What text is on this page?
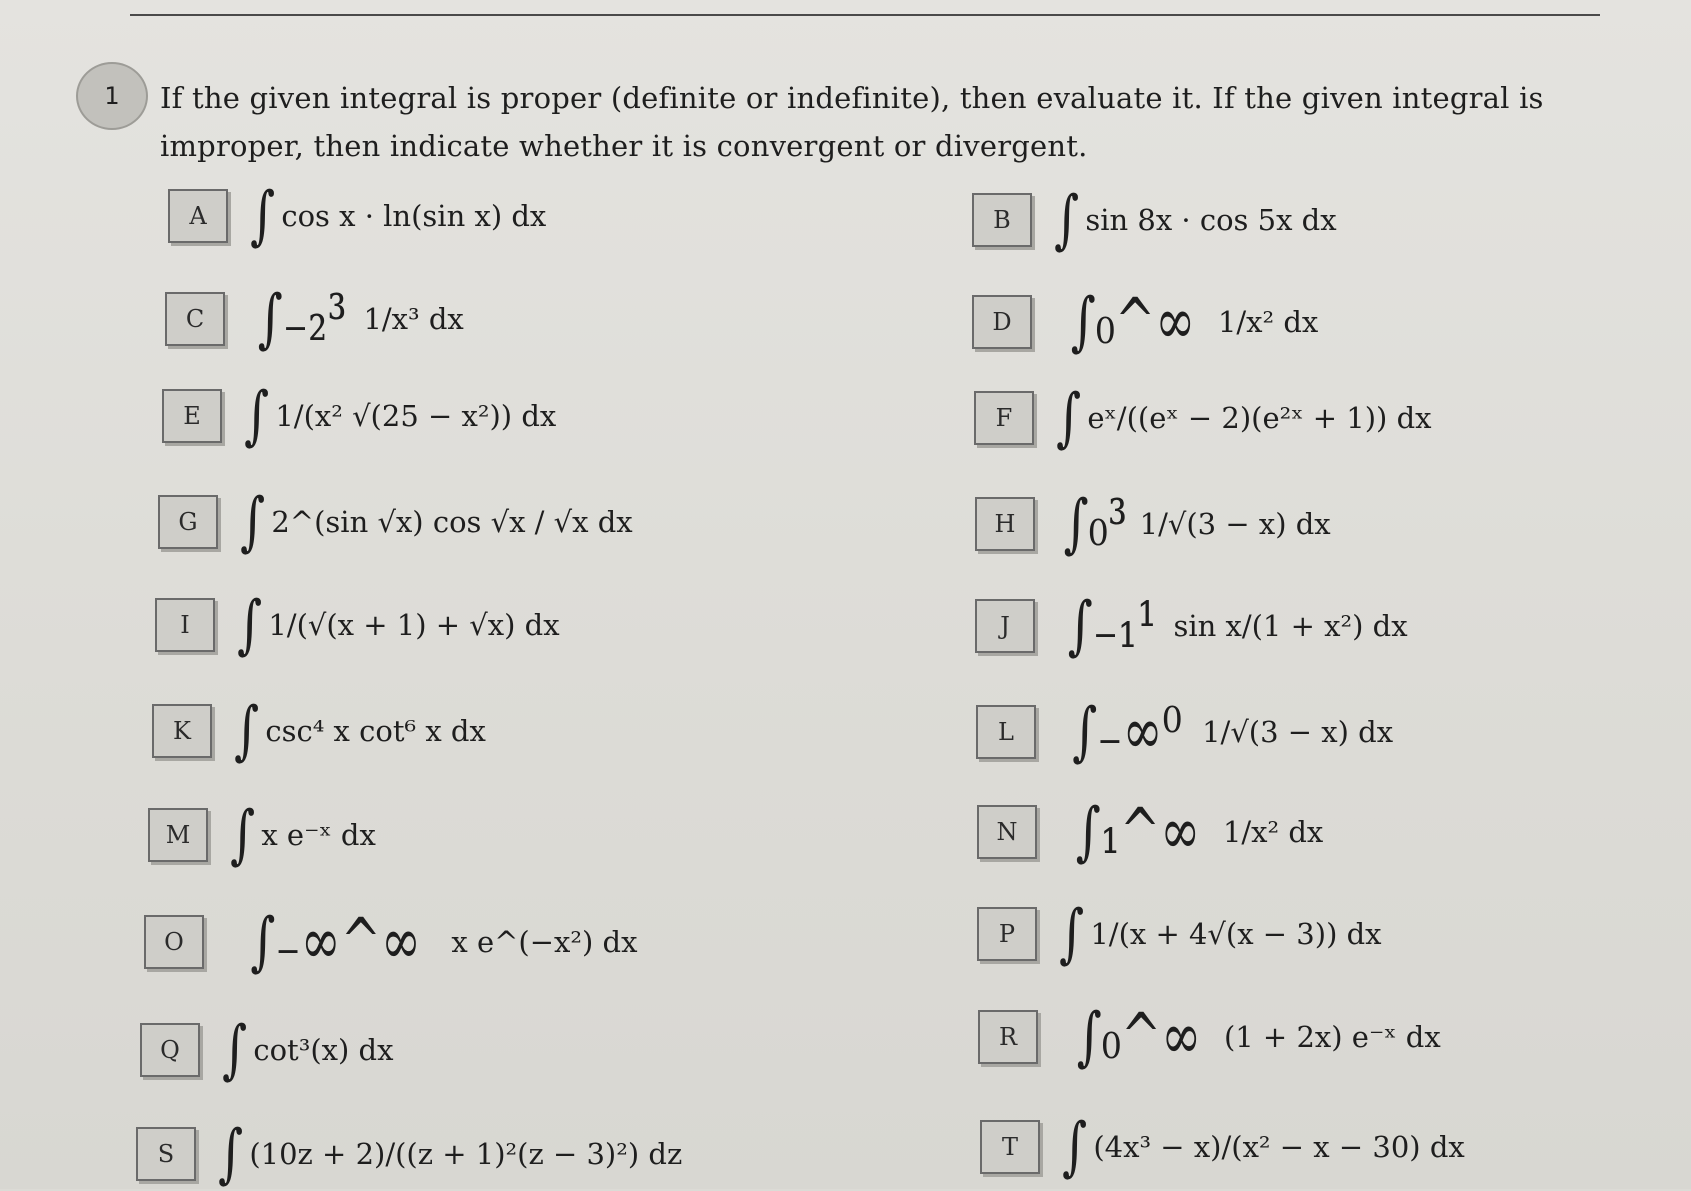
1 If the given integral is proper (definite or indefinite), then evaluate it. If the given integral is improper, then indicate whether it is convergent or divergent.
A ∫ cos x · ln(sin x) dx
C ∫₋₂³ 1/x³ dx
E ∫ 1/(x² √(25 − x²)) dx
G ∫ 2^(sin √x) cos √x / √x dx
I ∫ 1/(√(x + 1) + √x) dx
K ∫ csc⁴ x cot⁶ x dx
M ∫ x e⁻ˣ dx
O	∫₋∞^∞ x e^(−x²) dx
Q ∫ cot³(x) dx
S ∫ (10z + 2)/((z + 1)²(z − 3)²) dz
B ∫ sin 8x · cos 5x dx
D ∫₀^∞ 1/x² dx
F ∫ eˣ/((eˣ − 2)(e²ˣ + 1)) dx
H ∫₀³ 1/√(3 − x) dx
J ∫₋₁¹ sin x/(1 + x²) dx
L ∫₋∞⁰ 1/√(3 − x) dx
N ∫₁^∞ 1/x² dx
P ∫ 1/(x + 4√(x − 3)) dx
R ∫₀^∞ (1 + 2x) e⁻ˣ dx
T ∫ (4x³ − x)/(x² − x − 30) dx
